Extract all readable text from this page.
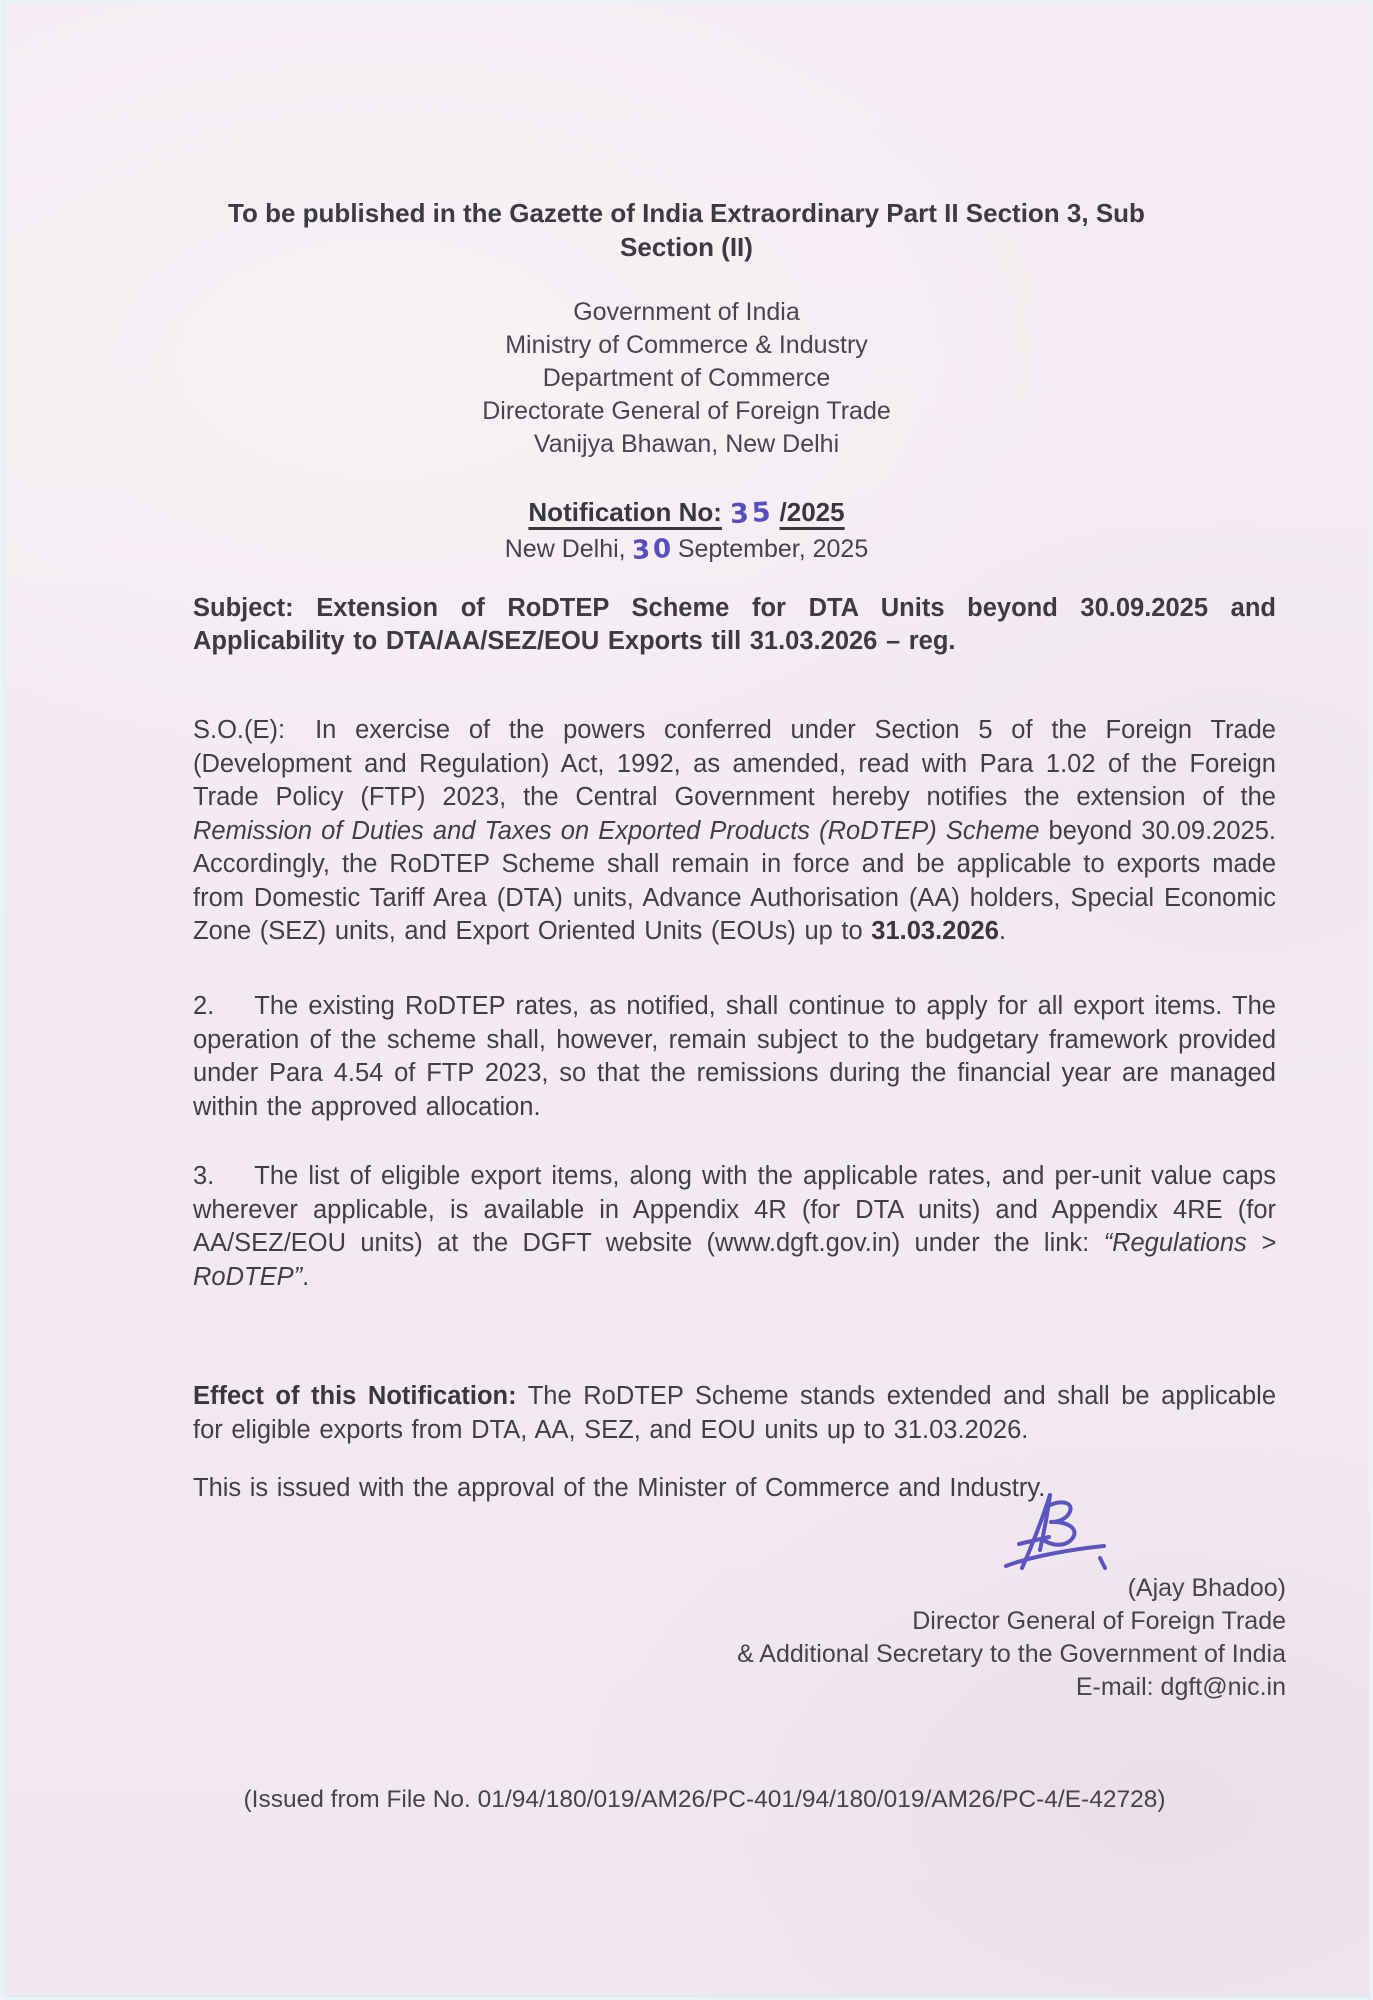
To be published in the Gazette of India Extraordinary Part II Section 3, Sub
Section (II)
Government of India
Ministry of Commerce & Industry
Department of Commerce
Directorate General of Foreign Trade
Vanijya Bhawan, New Delhi
Notification No: 35 /2025
New Delhi, 30 September, 2025
Subject: Extension of RoDTEP Scheme for DTA Units beyond 30.09.2025 and Applicability to DTA/AA/SEZ/EOU Exports till 31.03.2026 – reg.
S.O.(E): In exercise of the powers conferred under Section 5 of the Foreign Trade (Development and Regulation) Act, 1992, as amended, read with Para 1.02 of the Foreign Trade Policy (FTP) 2023, the Central Government hereby notifies the extension of the Remission of Duties and Taxes on Exported Products (RoDTEP) Scheme beyond 30.09.2025. Accordingly, the RoDTEP Scheme shall remain in force and be applicable to exports made from Domestic Tariff Area (DTA) units, Advance Authorisation (AA) holders, Special Economic Zone (SEZ) units, and Export Oriented Units (EOUs) up to 31.03.2026.
2. The existing RoDTEP rates, as notified, shall continue to apply for all export items. The operation of the scheme shall, however, remain subject to the budgetary framework provided under Para 4.54 of FTP 2023, so that the remissions during the financial year are managed within the approved allocation.
3. The list of eligible export items, along with the applicable rates, and per-unit value caps wherever applicable, is available in Appendix 4R (for DTA units) and Appendix 4RE (for AA/SEZ/EOU units) at the DGFT website (www.dgft.gov.in) under the link: “Regulations > RoDTEP”.
Effect of this Notification: The RoDTEP Scheme stands extended and shall be applicable for eligible exports from DTA, AA, SEZ, and EOU units up to 31.03.2026.
This is issued with the approval of the Minister of Commerce and Industry.
(Ajay Bhadoo)
Director General of Foreign Trade
& Additional Secretary to the Government of India
E-mail: dgft@nic.in
(Issued from File No. 01/94/180/019/AM26/PC-401/94/180/019/AM26/PC-4/E-42728)
